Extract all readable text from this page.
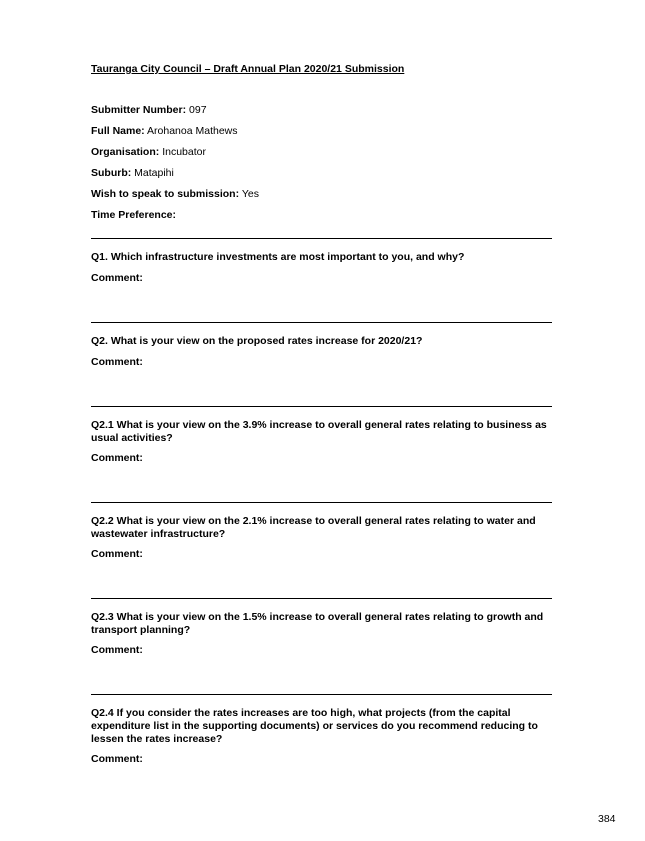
Tauranga City Council – Draft Annual Plan 2020/21 Submission
Submitter Number: 097
Full Name: Arohanoa Mathews
Organisation: Incubator
Suburb: Matapihi
Wish to speak to submission: Yes
Time Preference:
Q1. Which infrastructure investments are most important to you, and why?
Comment:
Q2. What is your view on the proposed rates increase for 2020/21?
Comment:
Q2.1 What is your view on the 3.9% increase to overall general rates relating to business as usual activities?
Comment:
Q2.2 What is your view on the 2.1% increase to overall general rates relating to water and wastewater infrastructure?
Comment:
Q2.3 What is your view on the 1.5% increase to overall general rates relating to growth and transport planning?
Comment:
Q2.4 If you consider the rates increases are too high, what projects (from the capital expenditure list in the supporting documents) or services do you recommend reducing to lessen the rates increase?
Comment:
384
